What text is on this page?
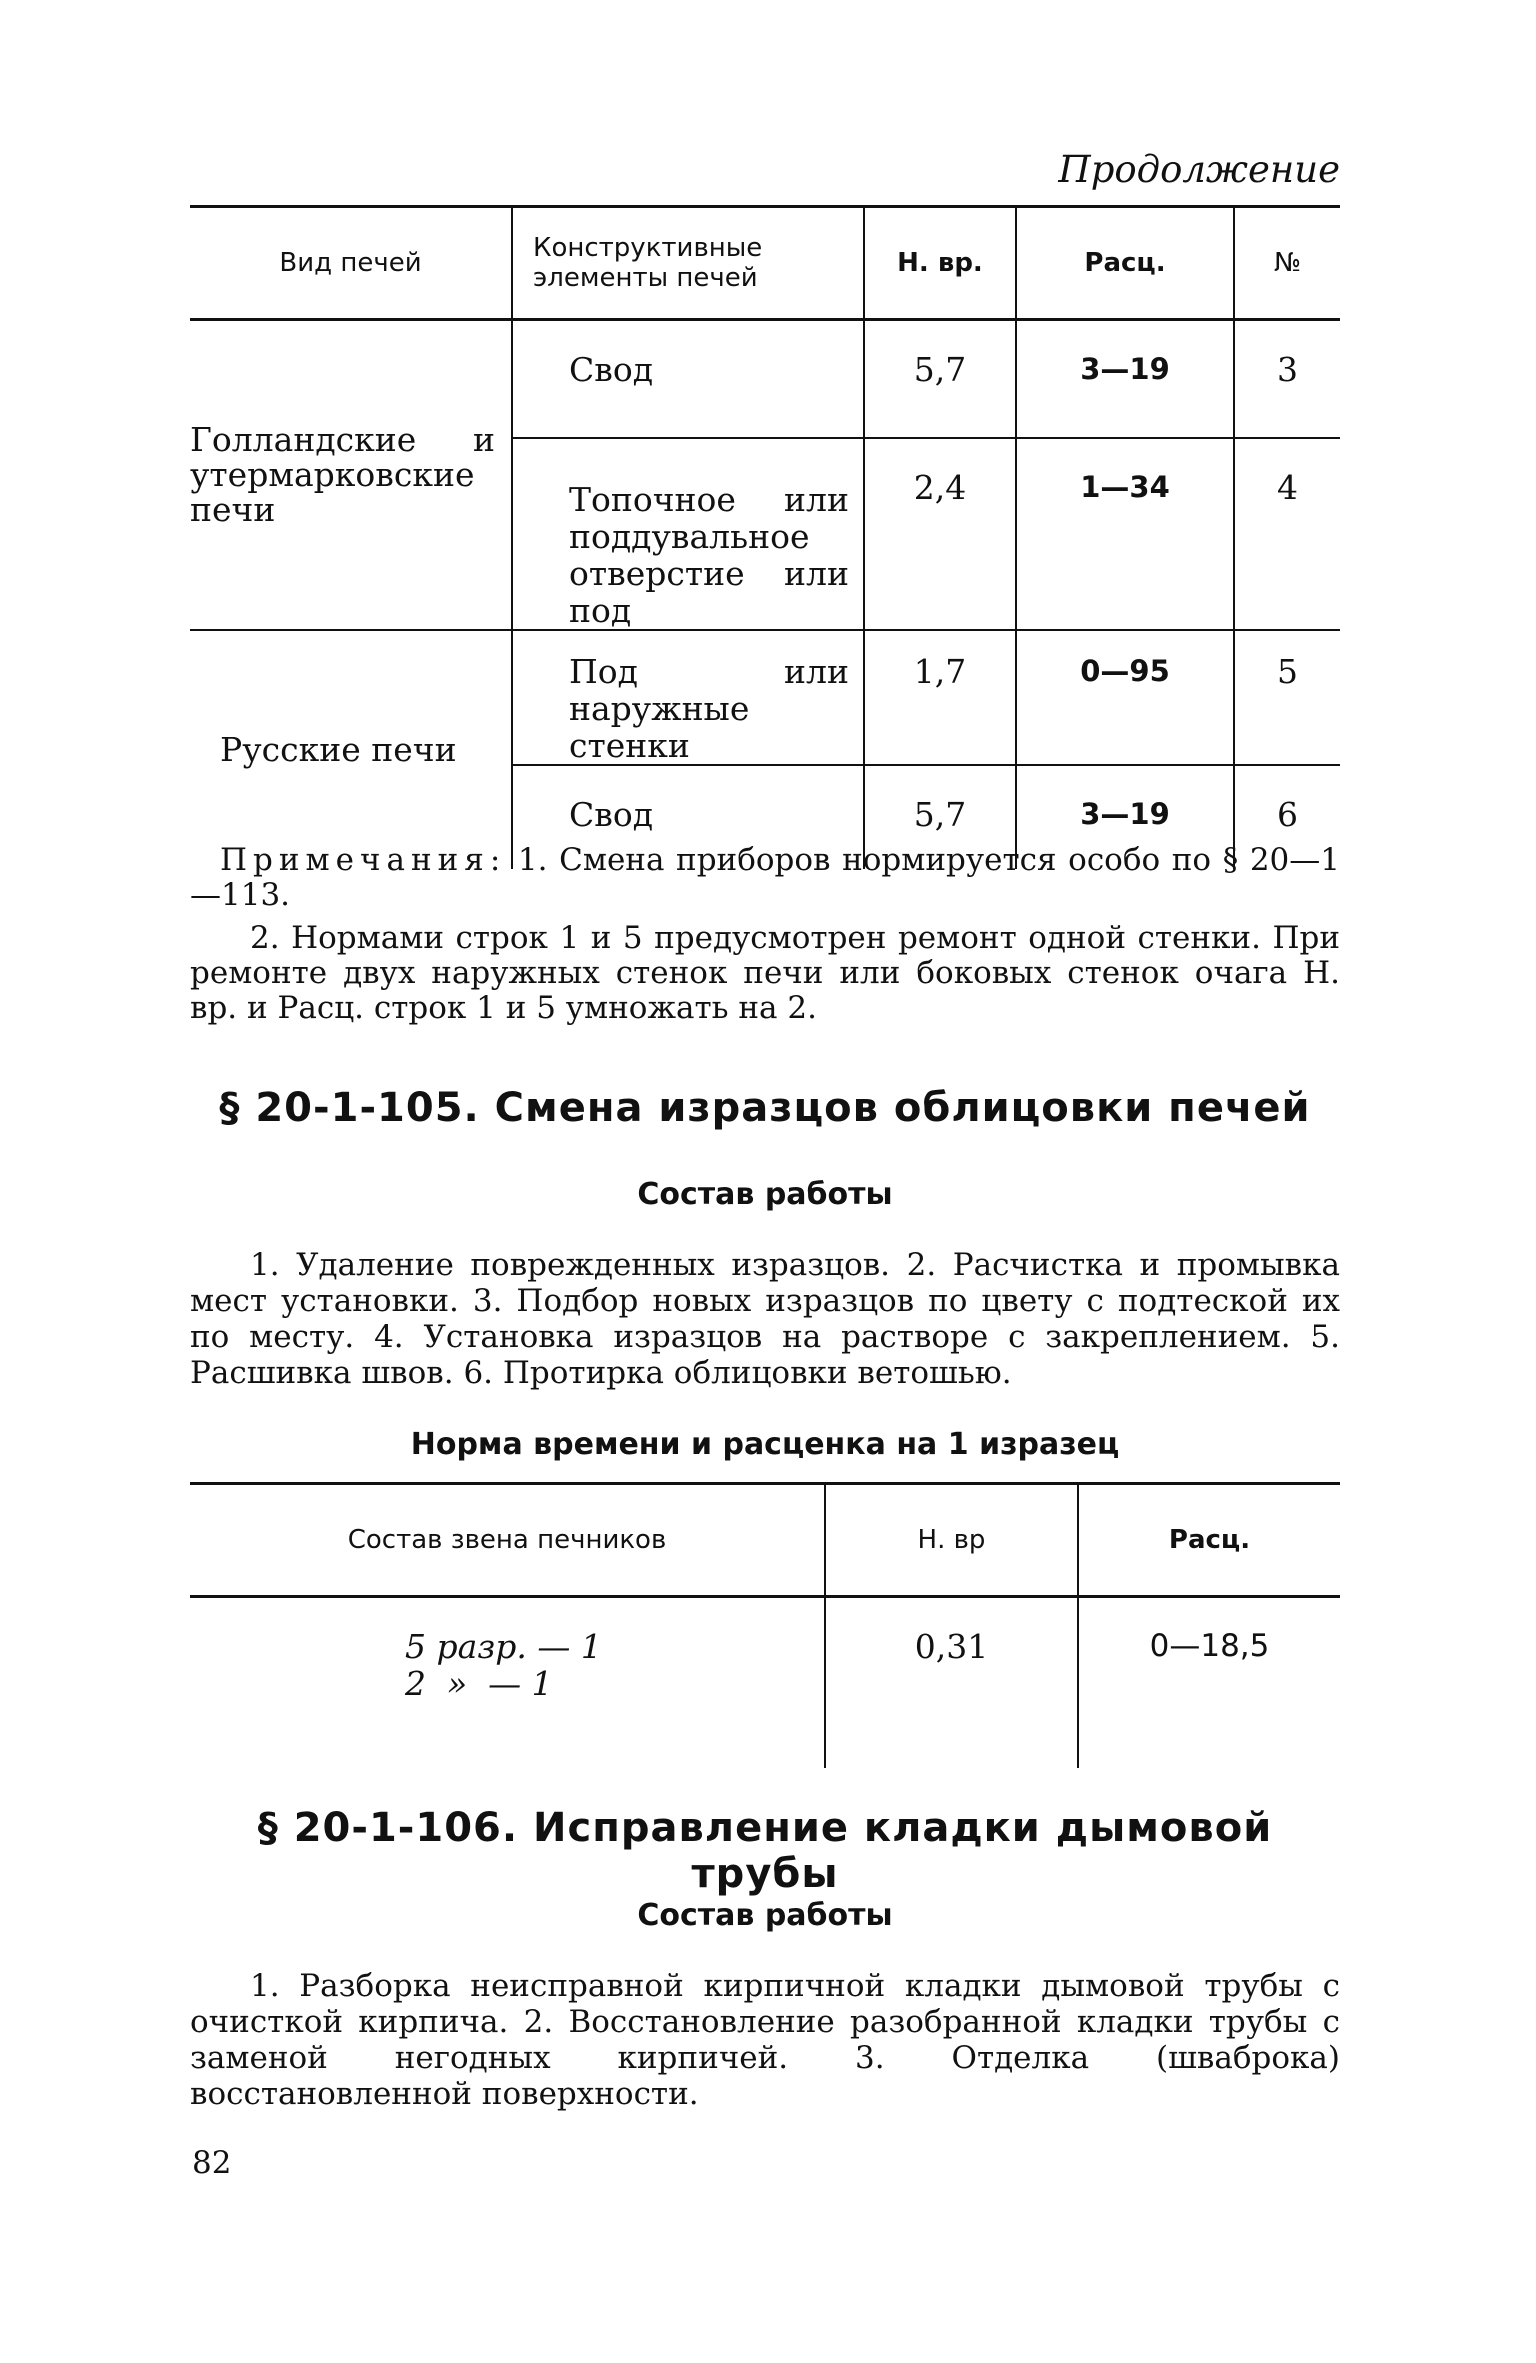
Продолжение
Вид печей	Конструктивные элементы печей	Н. вр.	Расц.	№

Голландские и утермарковские печи	Свод	5,7	3—19	3

	Топочное или поддувальное отверстие или под	2,4	1—34	4
Русские печи	Под или наружные стенки	1,7	0—95	5
	Свод	5,7	3—19	6
Примечания: 1. Смена приборов нормируется особо по § 20—1—113.
2. Нормами строк 1 и 5 предусмотрен ремонт одной стенки. При ремонте двух наружных стенок печи или боковых стенок очага Н. вр. и Расц. строк 1 и 5 умножать на 2.
§ 20-1-105. Смена изразцов облицовки печей
Состав работы
1. Удаление поврежденных изразцов. 2. Расчистка и промывка мест установки. 3. Подбор новых изразцов по цвету с подтеской их по месту. 4. Установка изразцов на растворе с закреплением. 5. Расшивка швов. 6. Протирка облицовки ветошью.
Норма времени и расценка на 1 изразец
Состав звена печников	Н. вр	Расц.

5 разр. — 1
2  »  — 1	0,31	0—18,5
§ 20-1-106. Исправление кладки дымовой трубы
Состав работы
1. Разборка неисправной кирпичной кладки дымовой трубы с очисткой кирпича. 2. Восстановление разобранной кладки трубы с заменой негодных кирпичей. 3. Отделка (шваброка) восстановленной поверхности.
82
